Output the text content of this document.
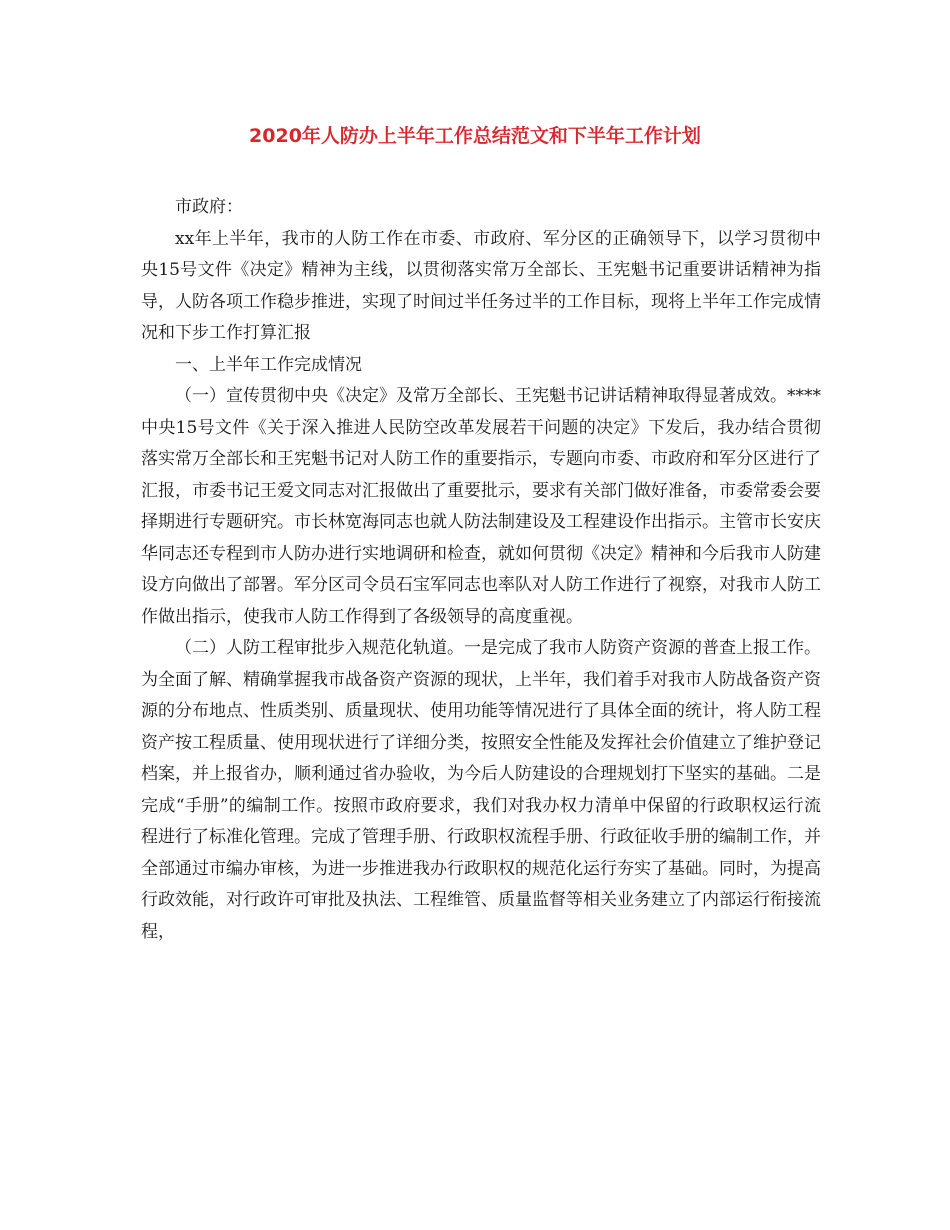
2020年人防办上半年工作总结范文和下半年工作计划

市政府：

xx年上半年，我市的人防工作在市委、市政府、军分区的正确领导下，以学习贯彻中央15号文件《决定》精神为主线，以贯彻落实常万全部长、王宪魁书记重要讲话精神为指导，人防各项工作稳步推进，实现了时间过半任务过半的工作目标，现将上半年工作完成情况和下步工作打算汇报

一、上半年工作完成情况

（一）宣传贯彻中央《决定》及常万全部长、王宪魁书记讲话精神取得显著成效。****中央15号文件《关于深入推进人民防空改革发展若干问题的决定》下发后，我办结合贯彻落实常万全部长和王宪魁书记对人防工作的重要指示，专题向市委、市政府和军分区进行了汇报，市委书记王爱文同志对汇报做出了重要批示，要求有关部门做好准备，市委常委会要择期进行专题研究。市长林宽海同志也就人防法制建设及工程建设作出指示。主管市长安庆华同志还专程到市人防办进行实地调研和检查，就如何贯彻《决定》精神和今后我市人防建设方向做出了部署。军分区司令员石宝军同志也率队对人防工作进行了视察，对我市人防工作做出指示，使我市人防工作得到了各级领导的高度重视。

（二）人防工程审批步入规范化轨道。一是完成了我市人防资产资源的普查上报工作。为全面了解、精确掌握我市战备资产资源的现状，上半年，我们着手对我市人防战备资产资源的分布地点、性质类别、质量现状、使用功能等情况进行了具体全面的统计，将人防工程资产按工程质量、使用现状进行了详细分类，按照安全性能及发挥社会价值建立了维护登记档案，并上报省办，顺利通过省办验收，为今后人防建设的合理规划打下坚实的基础。二是完成“手册”的编制工作。按照市政府要求，我们对我办权力清单中保留的行政职权运行流程进行了标准化管理。完成了管理手册、行政职权流程手册、行政征收手册的编制工作，并全部通过市编办审核，为进一步推进我办行政职权的规范化运行夯实了基础。同时，为提高行政效能，对行政许可审批及执法、工程维管、质量监督等相关业务建立了内部运行衔接流程，
